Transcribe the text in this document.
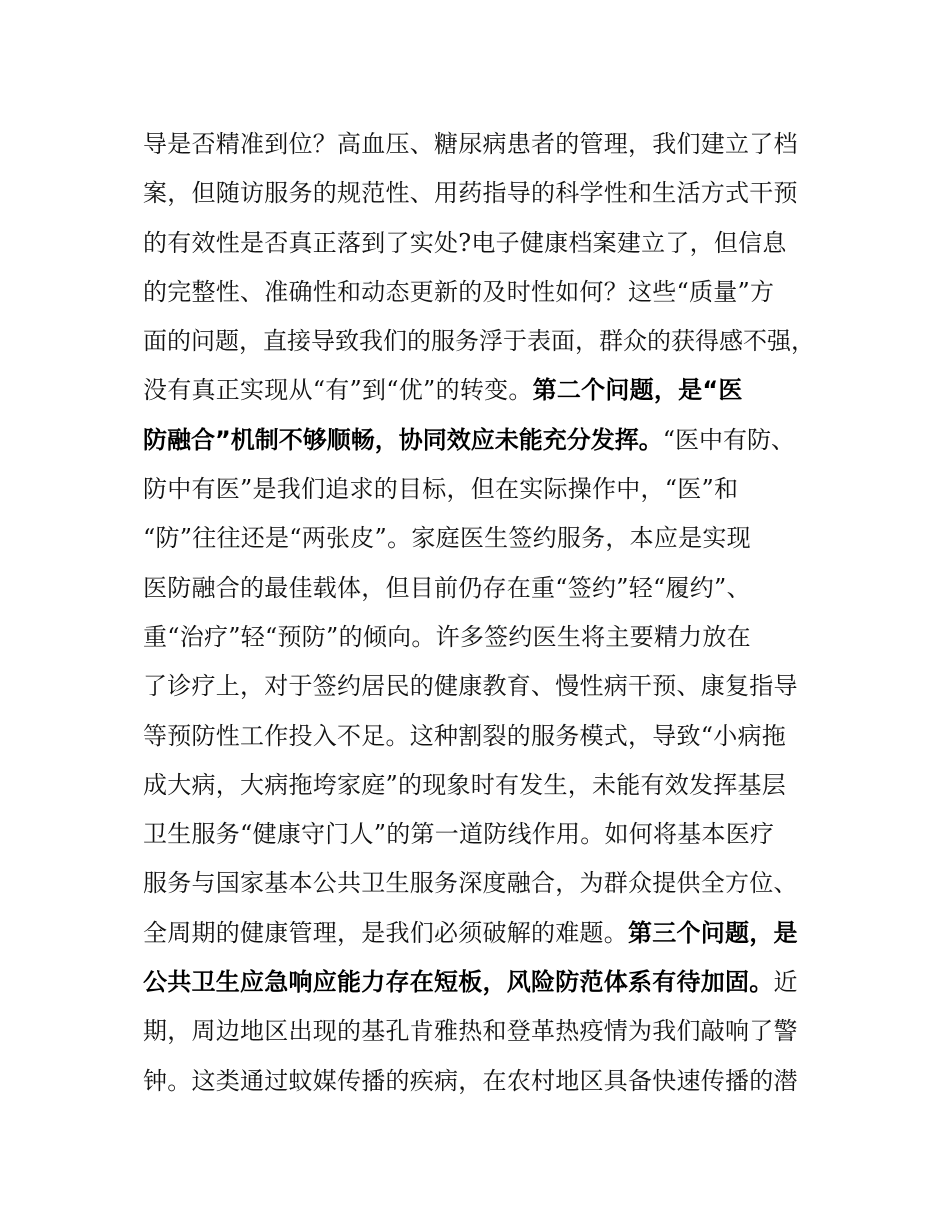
导是否精准到位？高血压、糖尿病患者的管理，我们建立了档
案，但随访服务的规范性、用药指导的科学性和生活方式干预
的有效性是否真正落到了实处?电子健康档案建立了，但信息
的完整性、准确性和动态更新的及时性如何？这些“质量”方
面的问题，直接导致我们的服务浮于表面，群众的获得感不强，
没有真正实现从“有”到“优”的转变。第二个问题，是“医
防融合”机制不够顺畅，协同效应未能充分发挥。“医中有防、
防中有医”是我们追求的目标，但在实际操作中，“医”和
“防”往往还是“两张皮”。家庭医生签约服务，本应是实现
医防融合的最佳载体，但目前仍存在重“签约”轻“履约”、
重“治疗”轻“预防”的倾向。许多签约医生将主要精力放在
了诊疗上，对于签约居民的健康教育、慢性病干预、康复指导
等预防性工作投入不足。这种割裂的服务模式，导致“小病拖
成大病，大病拖垮家庭”的现象时有发生，未能有效发挥基层
卫生服务“健康守门人”的第一道防线作用。如何将基本医疗
服务与国家基本公共卫生服务深度融合，为群众提供全方位、
全周期的健康管理，是我们必须破解的难题。第三个问题，是
公共卫生应急响应能力存在短板，风险防范体系有待加固。近
期，周边地区出现的基孔肯雅热和登革热疫情为我们敲响了警
钟。这类通过蚊媒传播的疾病，在农村地区具备快速传播的潜
